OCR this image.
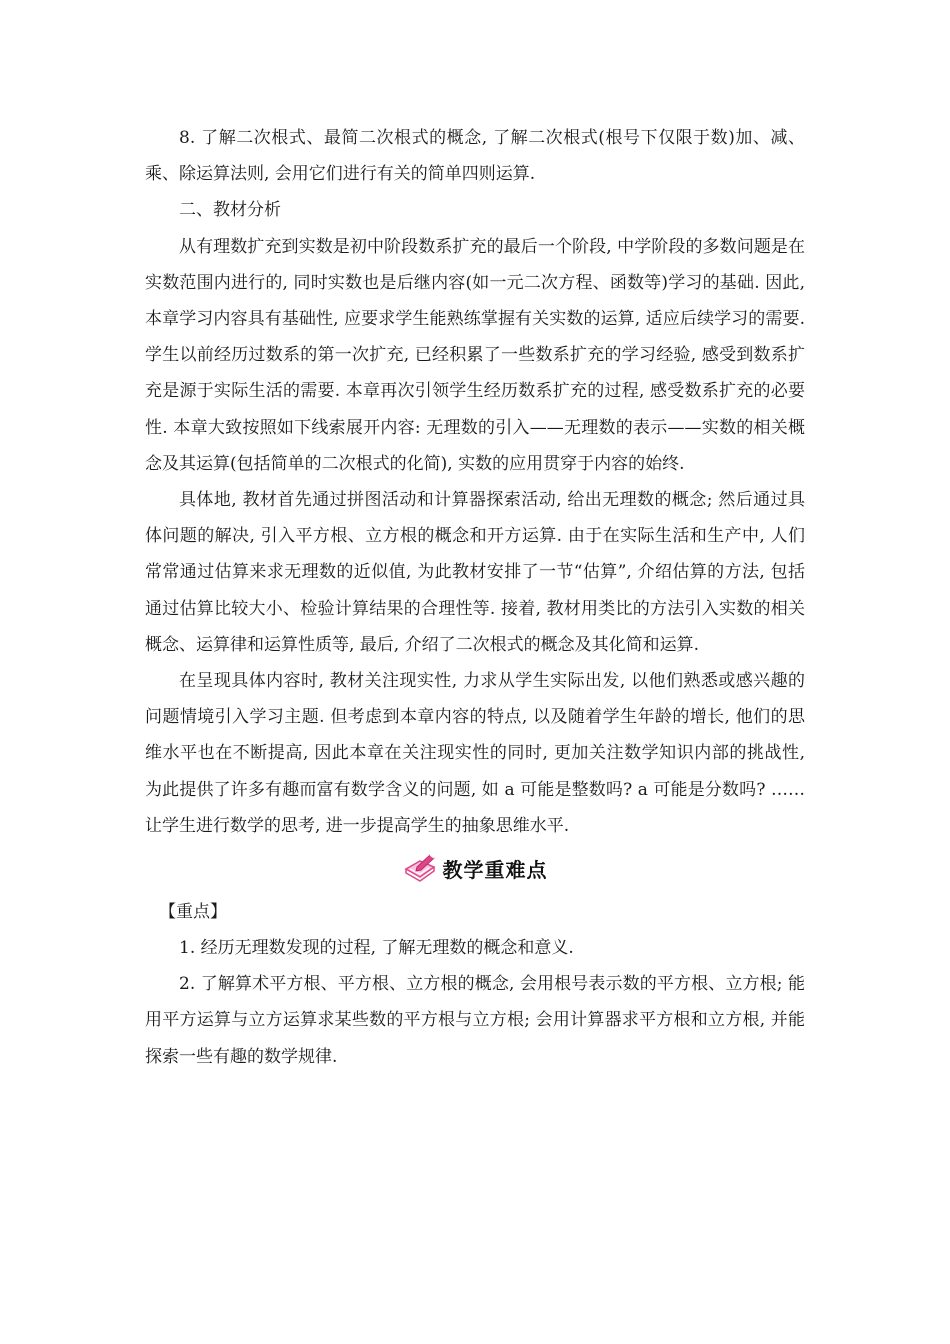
8. 了解二次根式、最简二次根式的概念, 了解二次根式(根号下仅限于数)加、减、乘、除运算法则, 会用它们进行有关的简单四则运算.

二、教材分析

从有理数扩充到实数是初中阶段数系扩充的最后一个阶段, 中学阶段的多数问题是在实数范围内进行的, 同时实数也是后继内容(如一元二次方程、函数等)学习的基础. 因此, 本章学习内容具有基础性, 应要求学生能熟练掌握有关实数的运算, 适应后续学习的需要. 学生以前经历过数系的第一次扩充, 已经积累了一些数系扩充的学习经验, 感受到数系扩充是源于实际生活的需要. 本章再次引领学生经历数系扩充的过程, 感受数系扩充的必要性. 本章大致按照如下线索展开内容: 无理数的引入——无理数的表示——实数的相关概念及其运算(包括简单的二次根式的化简), 实数的应用贯穿于内容的始终.

具体地, 教材首先通过拼图活动和计算器探索活动, 给出无理数的概念; 然后通过具体问题的解决, 引入平方根、立方根的概念和开方运算. 由于在实际生活和生产中, 人们常常通过估算来求无理数的近似值, 为此教材安排了一节“估算”, 介绍估算的方法, 包括通过估算比较大小、检验计算结果的合理性等. 接着, 教材用类比的方法引入实数的相关概念、运算律和运算性质等, 最后, 介绍了二次根式的概念及其化简和运算.

在呈现具体内容时, 教材关注现实性, 力求从学生实际出发, 以他们熟悉或感兴趣的问题情境引入学习主题. 但考虑到本章内容的特点, 以及随着学生年龄的增长, 他们的思维水平也在不断提高, 因此本章在关注现实性的同时, 更加关注数学知识内部的挑战性, 为此提供了许多有趣而富有数学含义的问题, 如 a 可能是整数吗? a 可能是分数吗? …… 让学生进行数学的思考, 进一步提高学生的抽象思维水平.

教学重难点

【重点】

1. 经历无理数发现的过程, 了解无理数的概念和意义.

2. 了解算术平方根、平方根、立方根的概念, 会用根号表示数的平方根、立方根; 能用平方运算与立方运算求某些数的平方根与立方根; 会用计算器求平方根和立方根, 并能探索一些有趣的数学规律.
